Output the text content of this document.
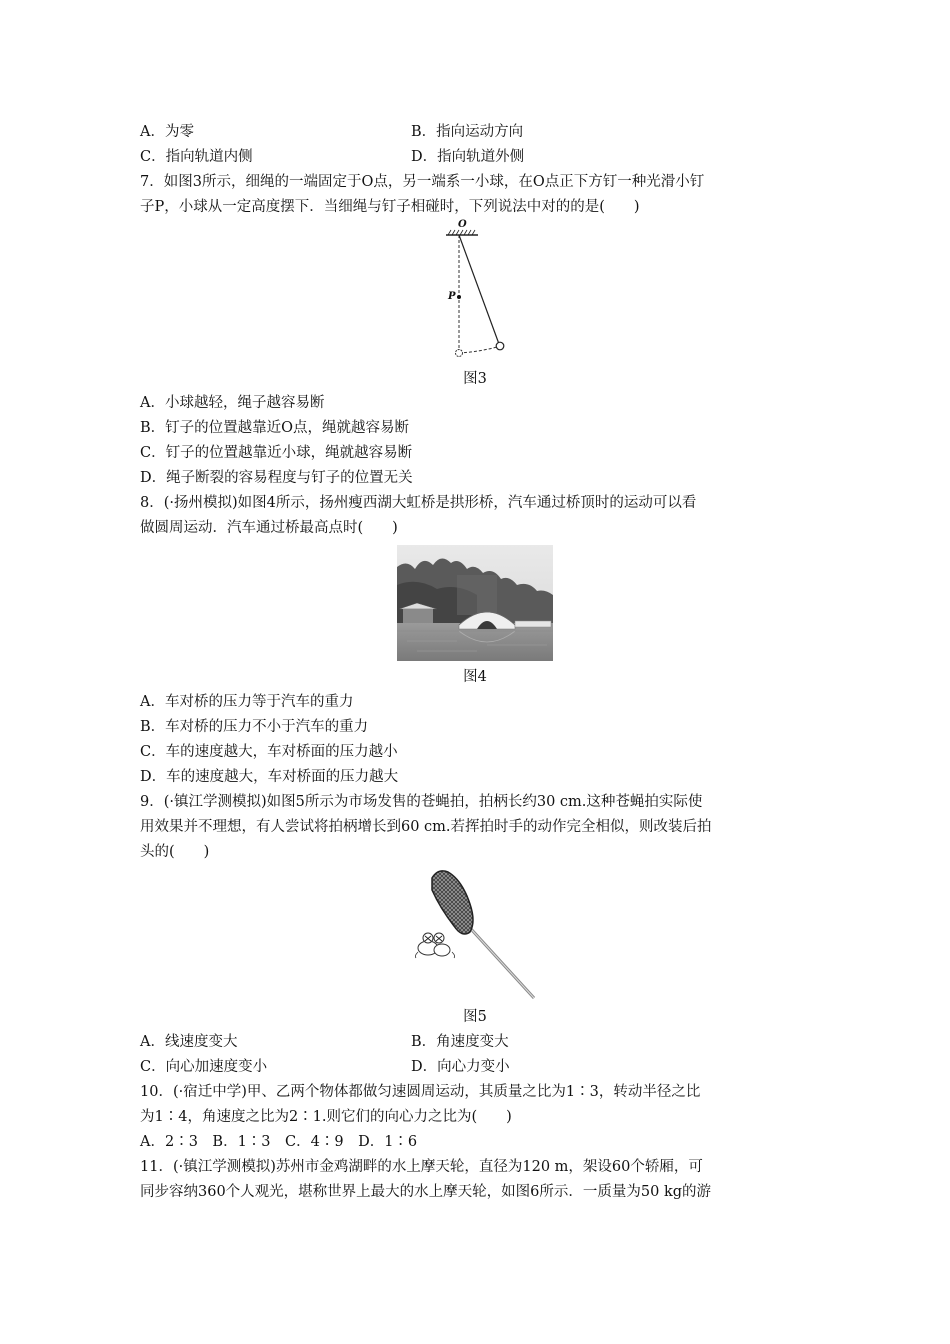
A．为零	B．指向运动方向
C．指向轨道内侧	D．指向轨道外侧
7．如图3所示，细绳的一端固定于O点，另一端系一小球，在O点正下方钉一种光滑小钉
子P，小球从一定高度摆下．当细绳与钉子相碰时，下列说法中对的的是(　　)
O
P
图3
A．小球越轻，绳子越容易断
B．钉子的位置越靠近O点，绳就越容易断
C．钉子的位置越靠近小球，绳就越容易断
D．绳子断裂的容易程度与钉子的位置无关
8．(·扬州模拟)如图4所示，扬州瘦西湖大虹桥是拱形桥，汽车通过桥顶时的运动可以看
做圆周运动．汽车通过桥最高点时(　　)
图4
A．车对桥的压力等于汽车的重力
B．车对桥的压力不小于汽车的重力
C．车的速度越大，车对桥面的压力越小
D．车的速度越大，车对桥面的压力越大
9．(·镇江学测模拟)如图5所示为市场发售的苍蝇拍，拍柄长约30 cm.这种苍蝇拍实际使
用效果并不理想，有人尝试将拍柄增长到60 cm.若挥拍时手的动作完全相似，则改装后拍
头的(　　)
图5
A．线速度变大	B．角速度变大
C．向心加速度变小	D．向心力变小
10．(·宿迁中学)甲、乙两个物体都做匀速圆周运动，其质量之比为1∶3，转动半径之比
为1∶4，角速度之比为2∶1.则它们的向心力之比为(　　)
A．2∶3　B．1∶3　C．4∶9　D．1∶6
11．(·镇江学测模拟)苏州市金鸡湖畔的水上摩天轮，直径为120 m，架设60个轿厢，可
同步容纳360个人观光，堪称世界上最大的水上摩天轮，如图6所示．一质量为50 kg的游
